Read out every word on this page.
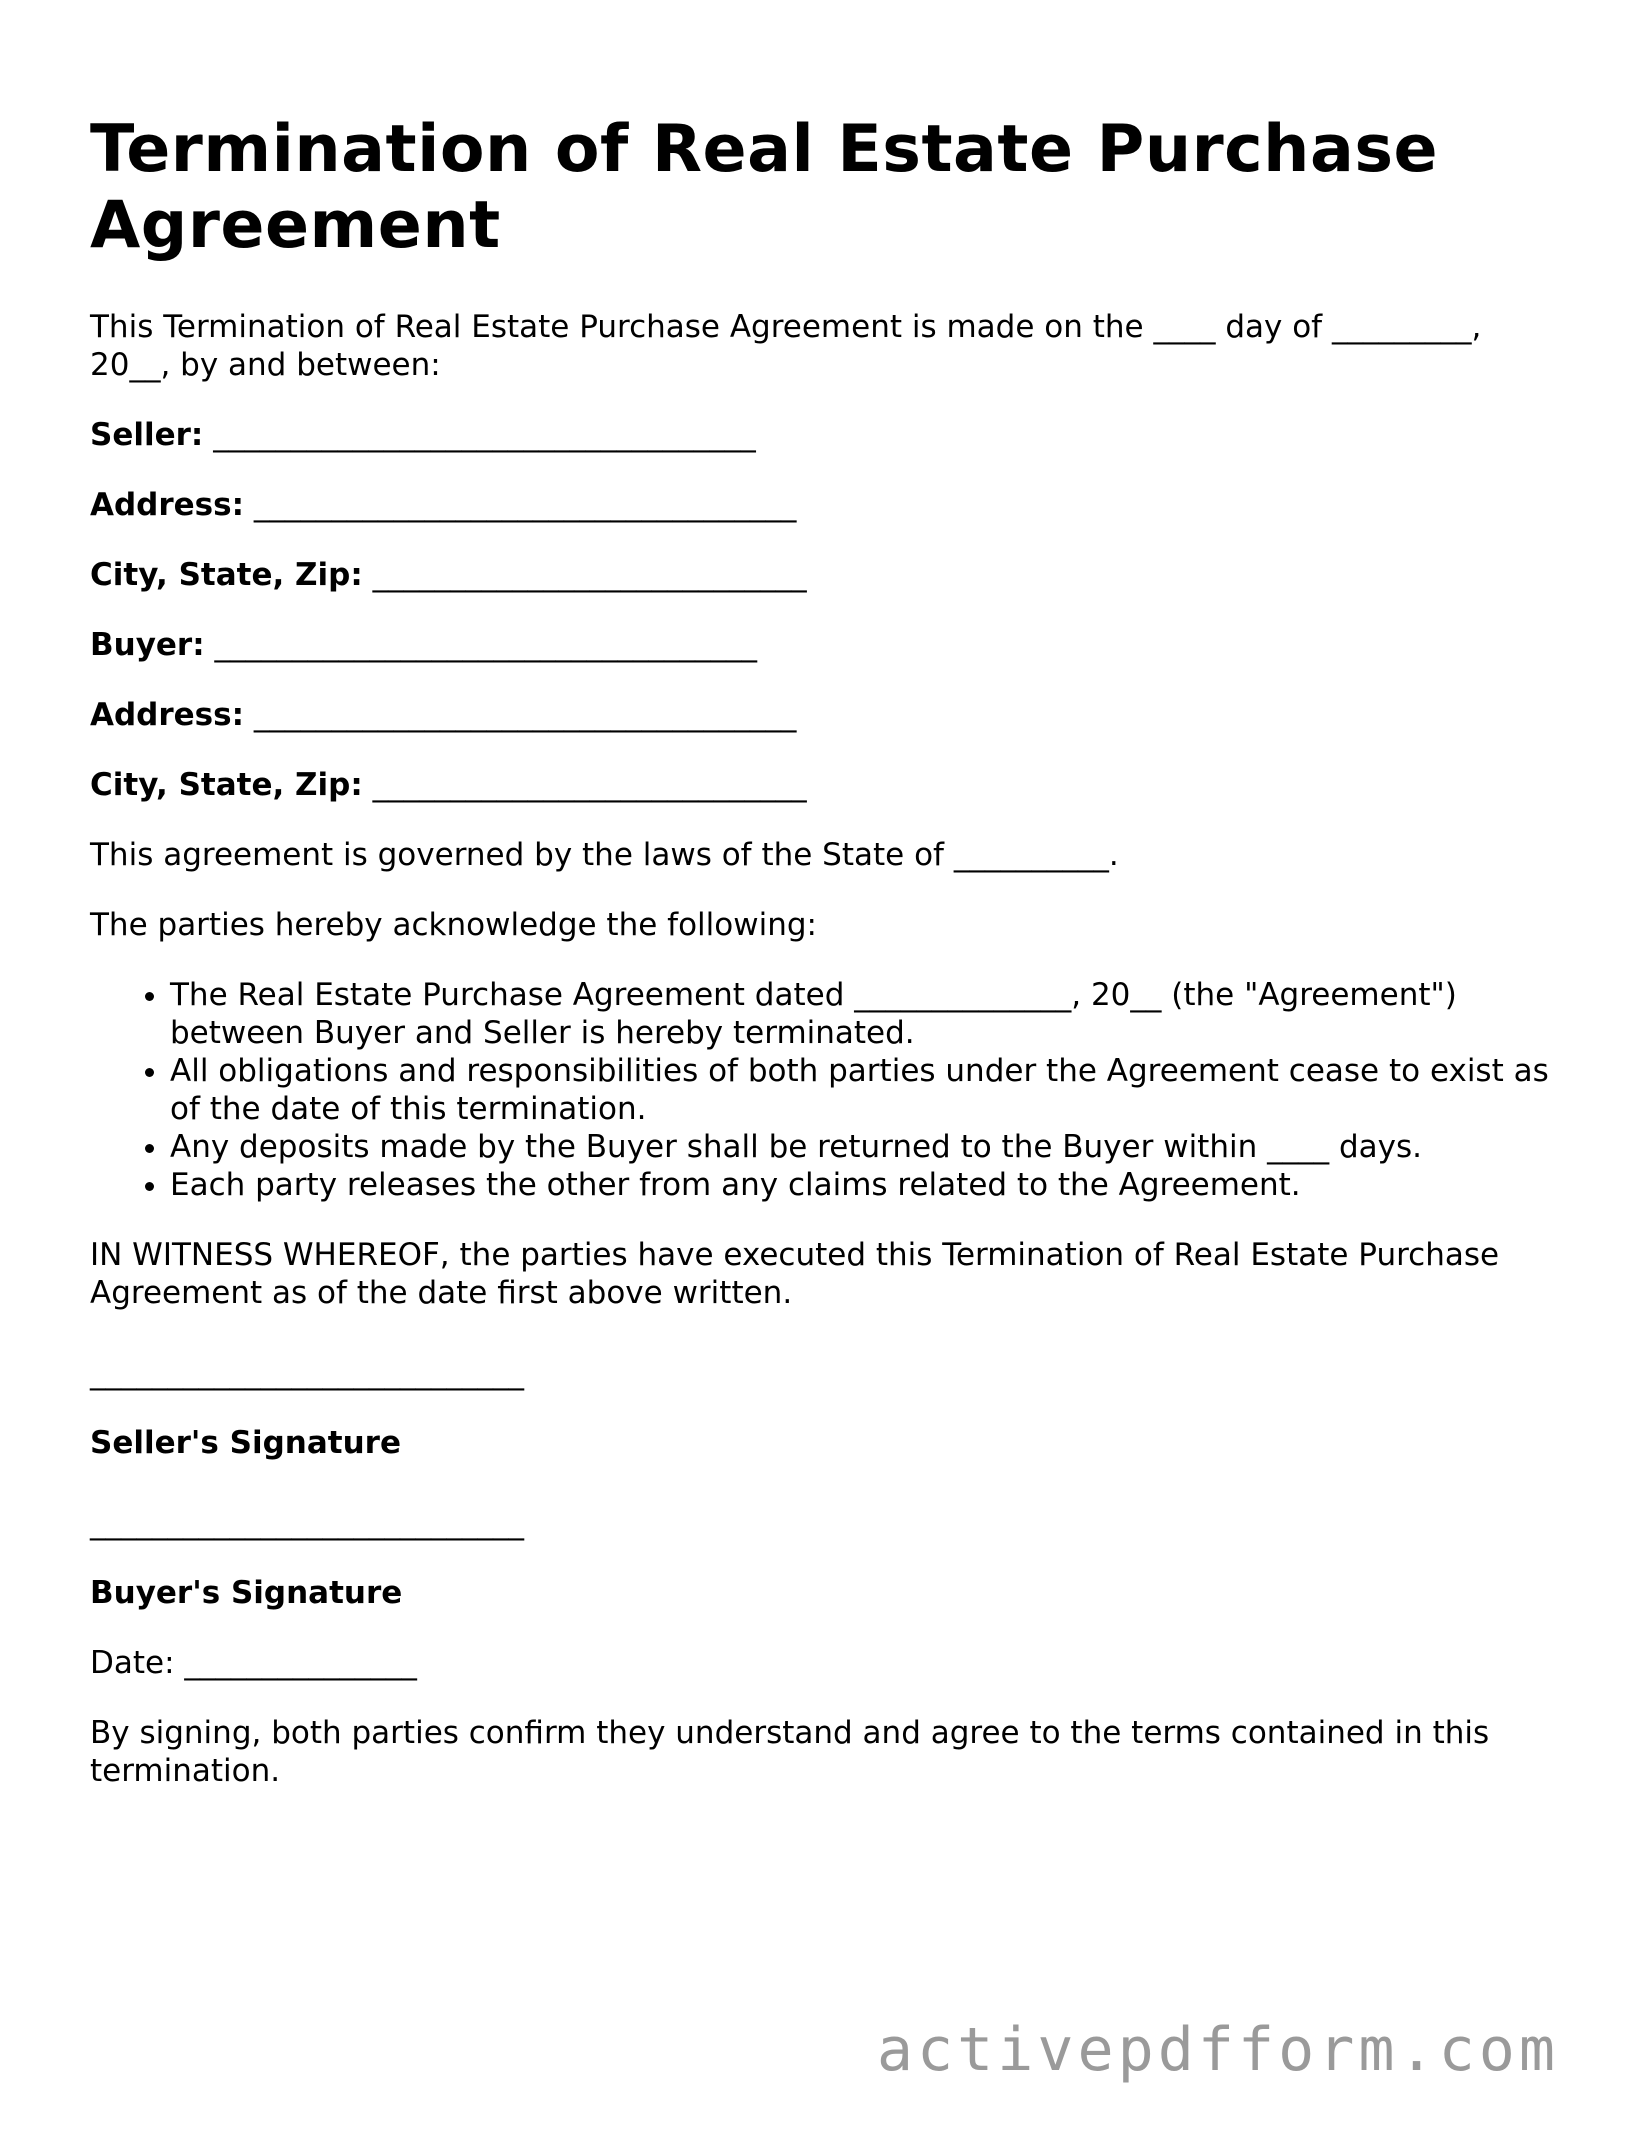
Termination of Real Estate Purchase Agreement

This Termination of Real Estate Purchase Agreement is made on the ____ day of _________, 20__, by and between:

Seller: ___________________________________
Address: ___________________________________
City, State, Zip: ____________________________
Buyer: ___________________________________
Address: ___________________________________
City, State, Zip: ____________________________

This agreement is governed by the laws of the State of __________.

The parties hereby acknowledge the following:

• The Real Estate Purchase Agreement dated ______________, 20__ (the "Agreement") between Buyer and Seller is hereby terminated.
• All obligations and responsibilities of both parties under the Agreement cease to exist as of the date of this termination.
• Any deposits made by the Buyer shall be returned to the Buyer within ____ days.
• Each party releases the other from any claims related to the Agreement.

IN WITNESS WHEREOF, the parties have executed this Termination of Real Estate Purchase Agreement as of the date first above written.

____________________________
Seller's Signature
____________________________
Buyer's Signature

Date: _______________

By signing, both parties confirm they understand and agree to the terms contained in this termination.

activepdfform.com
